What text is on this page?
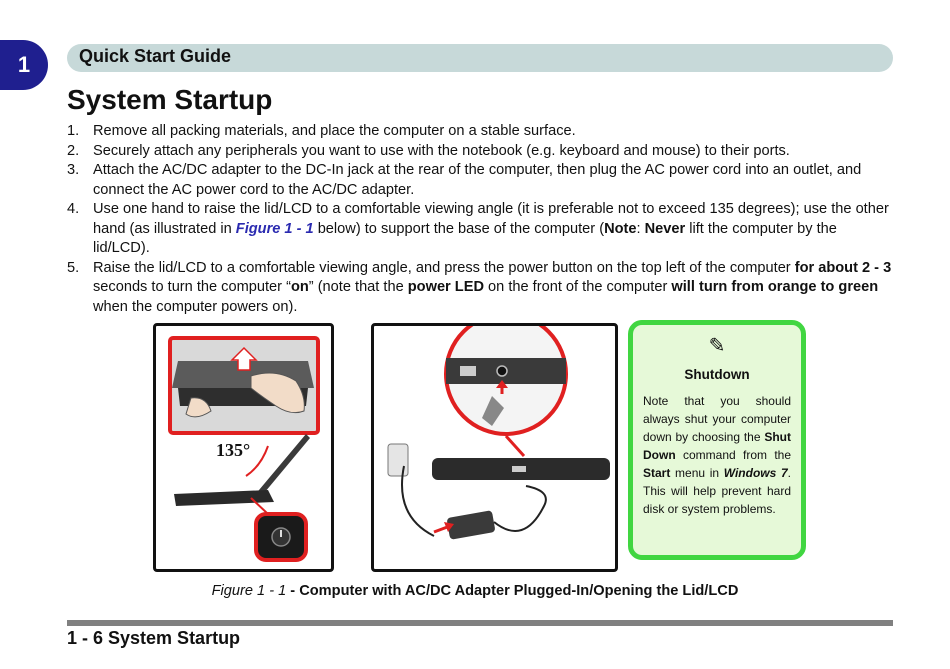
1	Quick Start Guide
System Startup
1. Remove all packing materials, and place the computer on a stable surface.
2. Securely attach any peripherals you want to use with the notebook (e.g. keyboard and mouse) to their ports.
3. Attach the AC/DC adapter to the DC-In jack at the rear of the computer, then plug the AC power cord into an outlet, and connect the AC power cord to the AC/DC adapter.
4. Use one hand to raise the lid/LCD to a comfortable viewing angle (it is preferable not to exceed 135 degrees); use the other hand (as illustrated in Figure 1 - 1 below) to support the base of the computer (Note: Never lift the computer by the lid/LCD).
5. Raise the lid/LCD to a comfortable viewing angle, and press the power button on the top left of the computer for about 2 - 3 seconds to turn the computer “on” (note that the power LED on the front of the computer will turn from orange to green when the computer powers on).
135°
✎
Shutdown
Note that you should always shut your computer down by choosing the Shut Down command from the Start menu in Windows 7. This will help prevent hard disk or system problems.
Figure 1 - 1 - Computer with AC/DC Adapter Plugged-In/Opening the Lid/LCD
1 - 6 System Startup
